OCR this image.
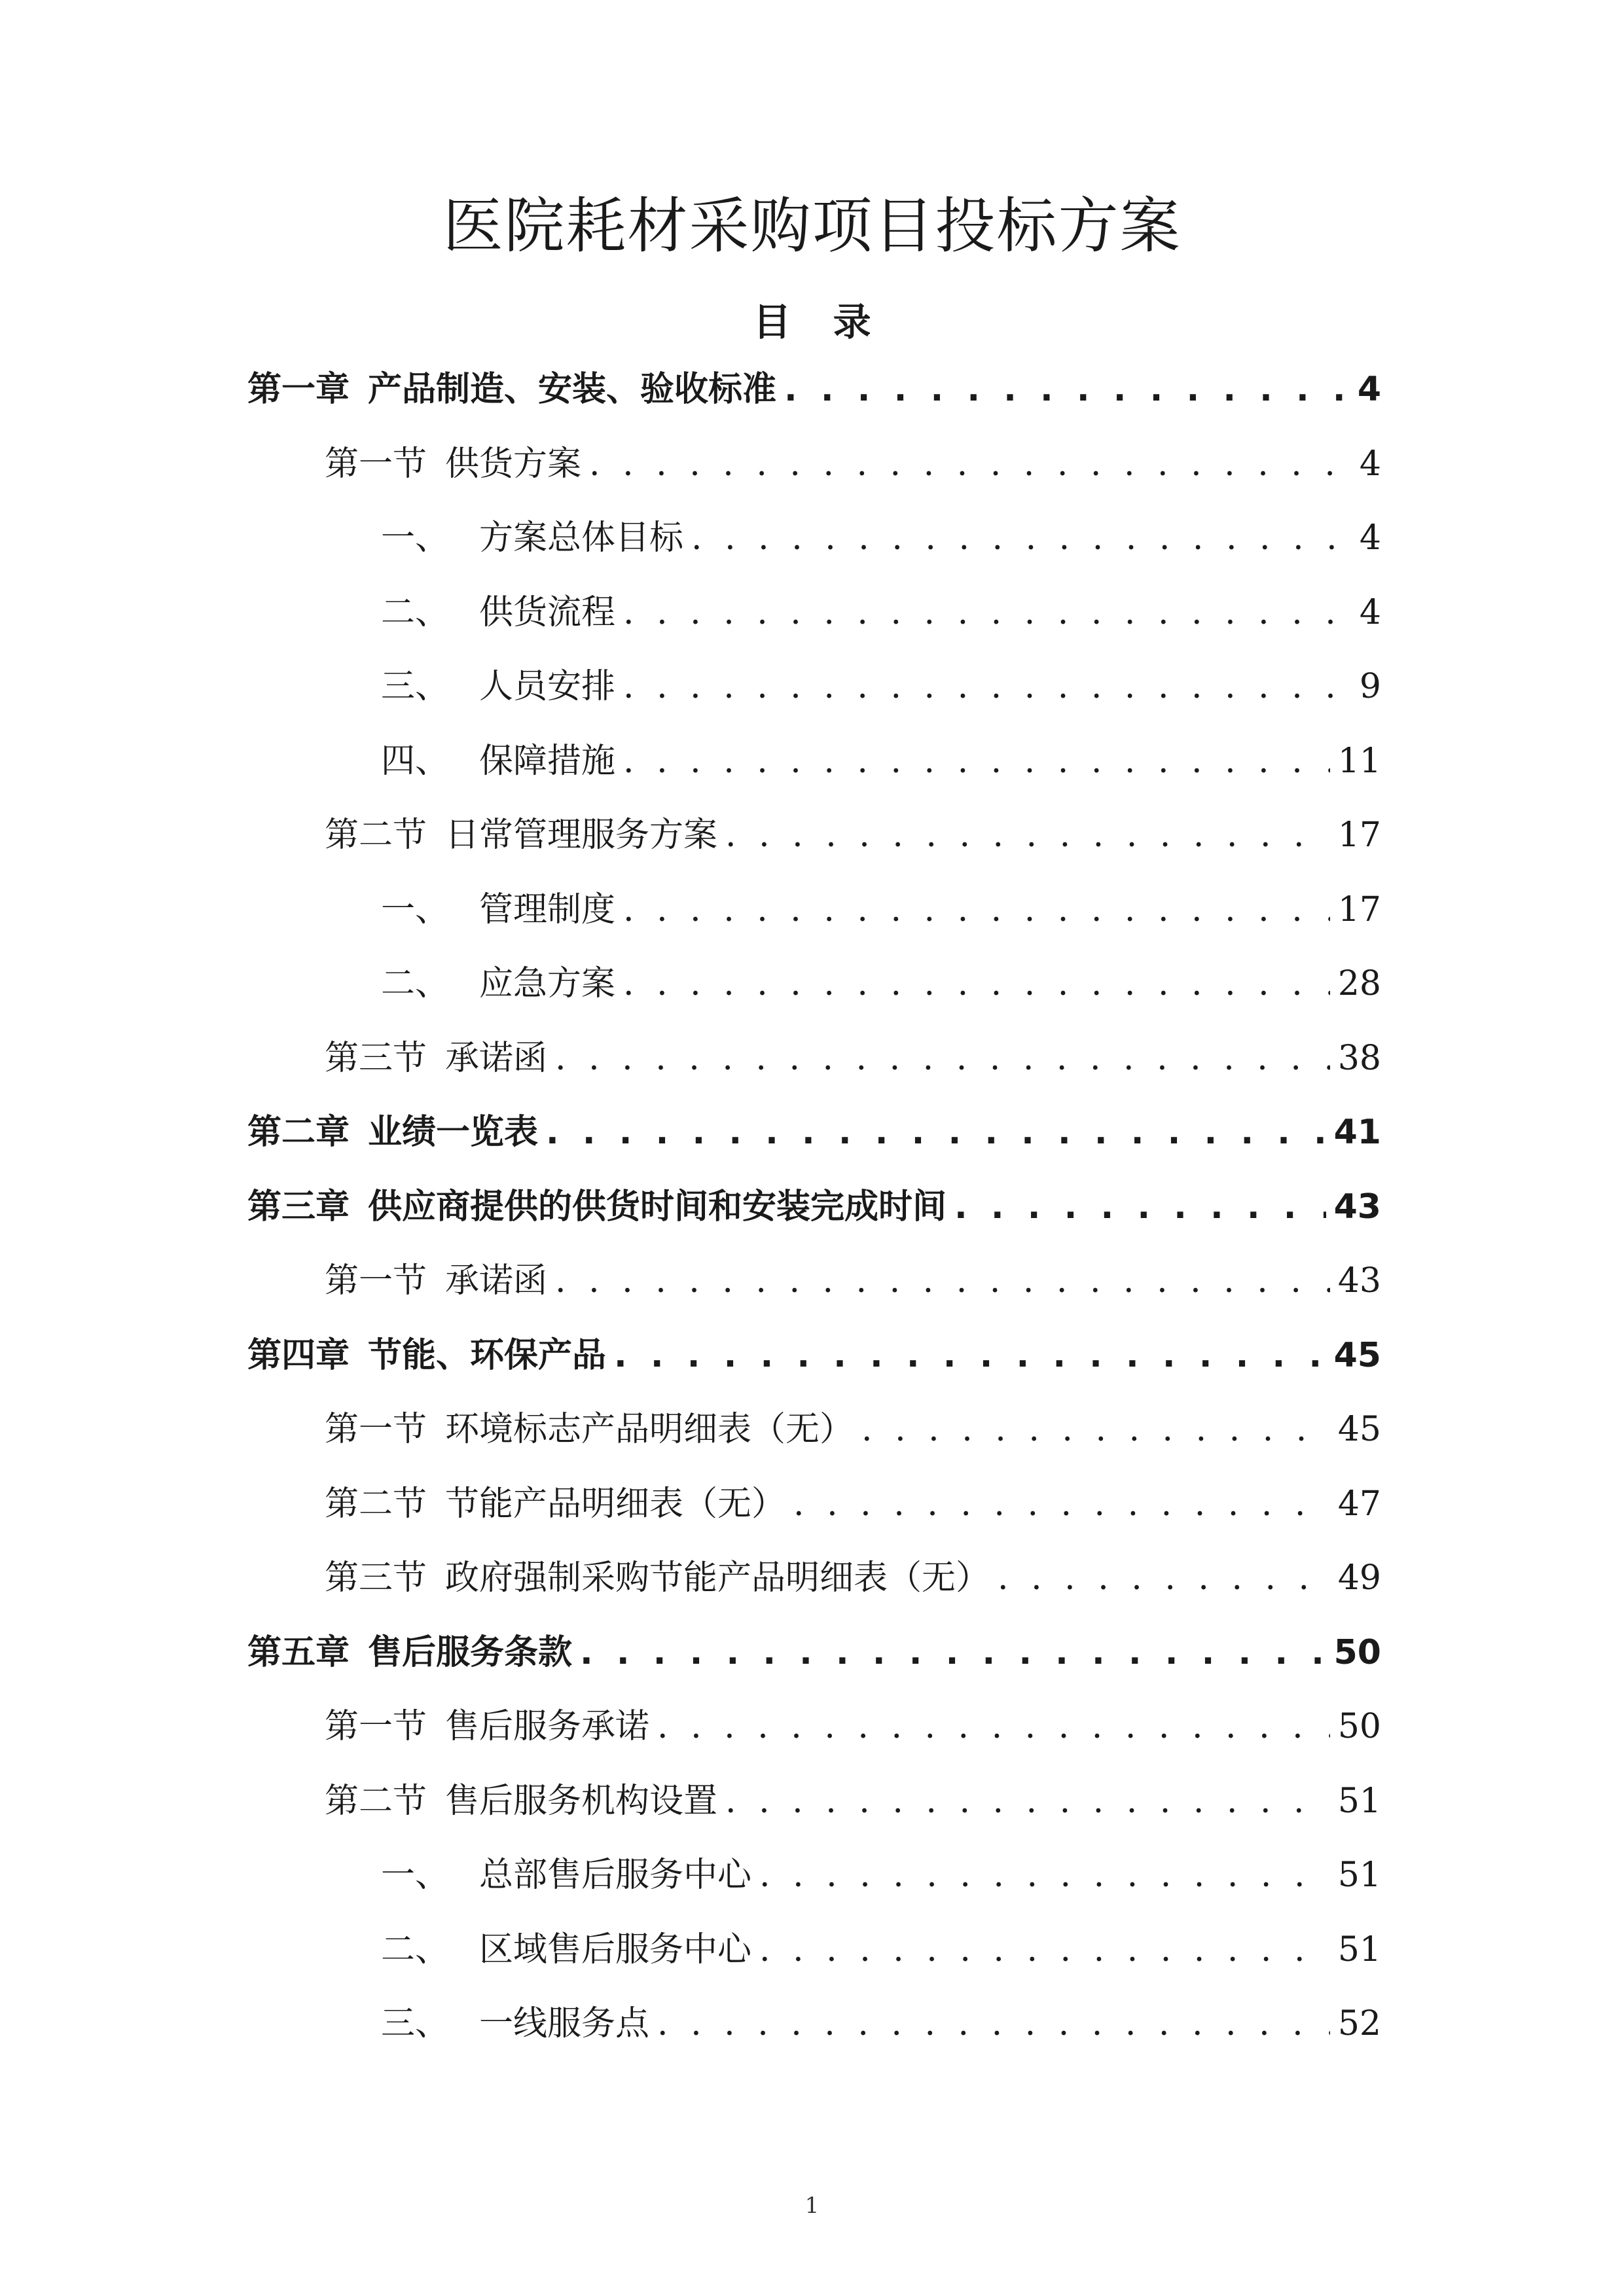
医院耗材采购项目投标方案
目 录
第一章 产品制造、安装、验收标准 . . .	4
第一节 供货方案 . . .	4
一、 方案总体目标 . . .	4
二、 供货流程 . . .	4
三、 人员安排 . . .	9
四、 保障措施 . . .	11
第二节 日常管理服务方案 . . .	17
一、 管理制度 . . .	17
二、 应急方案 . . .	28
第三节 承诺函 . . .	38
第二章 业绩一览表 . . .	41
第三章 供应商提供的供货时间和安装完成时间 . . .	43
第一节 承诺函 . . .	43
第四章 节能、环保产品 . . .	45
第一节 环境标志产品明细表（无） . . .	45
第二节 节能产品明细表（无） . . .	47
第三节 政府强制采购节能产品明细表（无） . . .	49
第五章 售后服务条款 . . .	50
第一节 售后服务承诺 . . .	50
第二节 售后服务机构设置 . . .	51
一、 总部售后服务中心 . . .	51
二、 区域售后服务中心 . . .	51
三、 一线服务点 . . .	52
1
